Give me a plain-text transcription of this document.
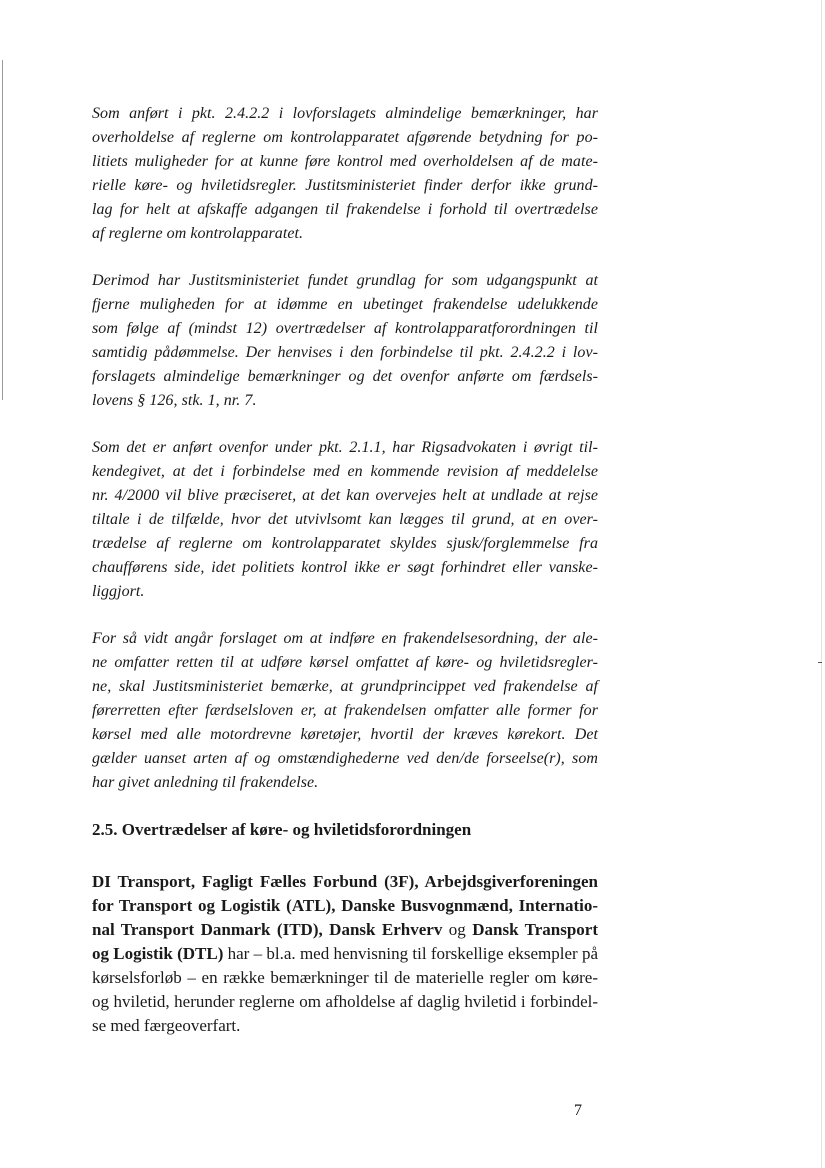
Som anført i pkt. 2.4.2.2 i lovforslagets almindelige bemærkninger, har
overholdelse af reglerne om kontrolapparatet afgørende betydning for po-
litiets muligheder for at kunne føre kontrol med overholdelsen af de mate-
rielle køre- og hviletidsregler. Justitsministeriet finder derfor ikke grund-
lag for helt at afskaffe adgangen til frakendelse i forhold til overtrædelse
af reglerne om kontrolapparatet.

Derimod har Justitsministeriet fundet grundlag for som udgangspunkt at
fjerne muligheden for at idømme en ubetinget frakendelse udelukkende
som følge af (mindst 12) overtrædelser af kontrolapparatforordningen til
samtidig pådømmelse. Der henvises i den forbindelse til pkt. 2.4.2.2 i lov-
forslagets almindelige bemærkninger og det ovenfor anførte om færdsels-
lovens § 126, stk. 1, nr. 7.

Som det er anført ovenfor under pkt. 2.1.1, har Rigsadvokaten i øvrigt til-
kendegivet, at det i forbindelse med en kommende revision af meddelelse
nr. 4/2000 vil blive præciseret, at det kan overvejes helt at undlade at rejse
tiltale i de tilfælde, hvor det utvivlsomt kan lægges til grund, at en over-
trædelse af reglerne om kontrolapparatet skyldes sjusk/forglemmelse fra
chaufførens side, idet politiets kontrol ikke er søgt forhindret eller vanske-
liggjort.

For så vidt angår forslaget om at indføre en frakendelsesordning, der ale-
ne omfatter retten til at udføre kørsel omfattet af køre- og hviletidsregler-
ne, skal Justitsministeriet bemærke, at grundprincippet ved frakendelse af
førerretten efter færdselsloven er, at frakendelsen omfatter alle former for
kørsel med alle motordrevne køretøjer, hvortil der kræves kørekort. Det
gælder uanset arten af og omstændighederne ved den/de forseelse(r), som
har givet anledning til frakendelse.

2.5. Overtrædelser af køre- og hviletidsforordningen

DI Transport, Fagligt Fælles Forbund (3F), Arbejdsgiverforeningen
for Transport og Logistik (ATL), Danske Busvognmænd, Internatio-
nal Transport Danmark (ITD), Dansk Erhverv og Dansk Transport
og Logistik (DTL) har – bl.a. med henvisning til forskellige eksempler på
kørselsforløb – en række bemærkninger til de materielle regler om køre-
og hviletid, herunder reglerne om afholdelse af daglig hviletid i forbindel-
se med færgeoverfart.

7
